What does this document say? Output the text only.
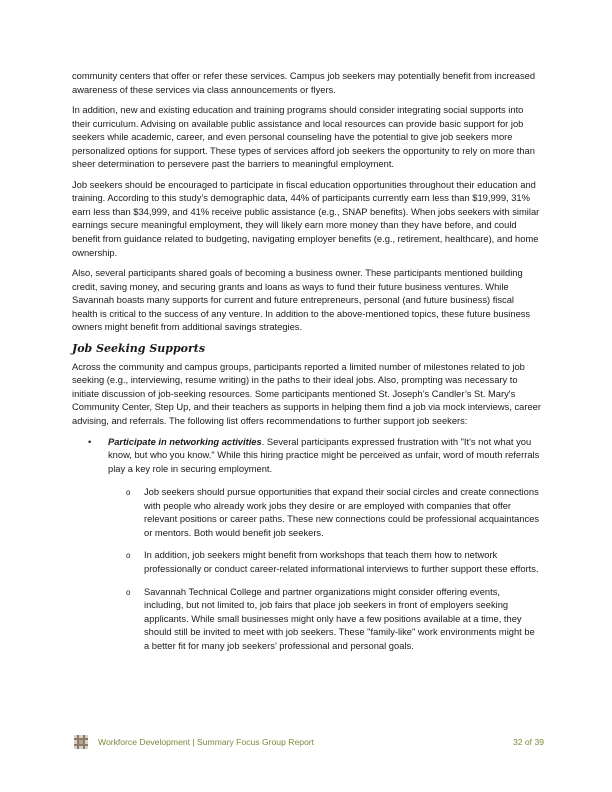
community centers that offer or refer these services. Campus job seekers may potentially benefit from increased awareness of these services via class announcements or flyers.

In addition, new and existing education and training programs should consider integrating social supports into their curriculum. Advising on available public assistance and local resources can provide basic support for job seekers while academic, career, and even personal counseling have the potential to give job seekers more personalized options for support. These types of services afford job seekers the opportunity to rely on more than sheer determination to persevere past the barriers to meaningful employment.

Job seekers should be encouraged to participate in fiscal education opportunities throughout their education and training. According to this study’s demographic data, 44% of participants currently earn less than $19,999, 31% earn less than $34,999, and 41% receive public assistance (e.g., SNAP benefits). When jobs seekers with similar earnings secure meaningful employment, they will likely earn more money than they have before, and could benefit from guidance related to budgeting, navigating employer benefits (e.g., retirement, healthcare), and home ownership.

Also, several participants shared goals of becoming a business owner. These participants mentioned building credit, saving money, and securing grants and loans as ways to fund their future business ventures. While Savannah boasts many supports for current and future entrepreneurs, personal (and future business) fiscal health is critical to the success of any venture. In addition to the above-mentioned topics, these future business owners might benefit from additional savings strategies.

Job Seeking Supports

Across the community and campus groups, participants reported a limited number of milestones related to job seeking (e.g., interviewing, resume writing) in the paths to their ideal jobs. Also, prompting was necessary to initiate discussion of job-seeking resources. Some participants mentioned St. Joseph’s Candler’s St. Mary's Community Center, Step Up, and their teachers as supports in helping them find a job via mock interviews, career advising, and referrals. The following list offers recommendations to further support job seekers:

• Participate in networking activities. Several participants expressed frustration with "It's not what you know, but who you know." While this hiring practice might be perceived as unfair, word of mouth referrals play a key role in securing employment.
o Job seekers should pursue opportunities that expand their social circles and create connections with people who already work jobs they desire or are employed with companies that offer relevant positions or career paths. These new connections could be professional acquaintances or mentors. Both would benefit job seekers.
o In addition, job seekers might benefit from workshops that teach them how to network professionally or conduct career-related informational interviews to further support these efforts.
o Savannah Technical College and partner organizations might consider offering events, including, but not limited to, job fairs that place job seekers in front of employers seeking applicants. While small businesses might only have a few positions available at a time, they should still be invited to meet with job seekers. These "family-like" work environments might be a better fit for many job seekers’ professional and personal goals.
Workforce Development | Summary Focus Group Report	32 of 39
